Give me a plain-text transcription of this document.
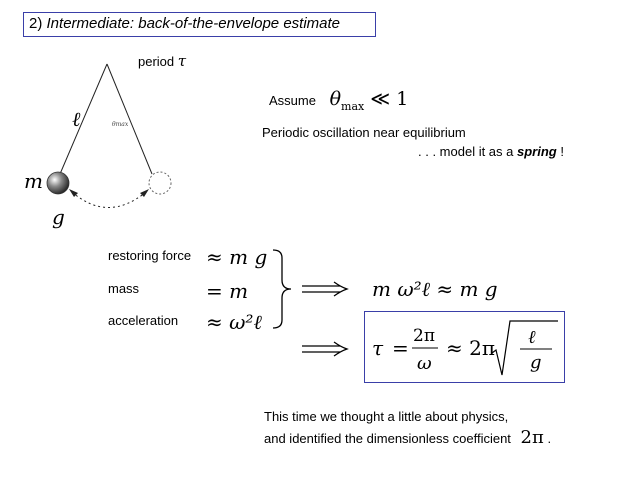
2) Intermediate: back-of-the-envelope estimate
ℓ	θmax
m
g
period τ
Assume $\theta_{max}$ ≪ 1
Periodic oscillation near equilibrium
. . . model it as a spring !
restoring force
mass
acceleration
≈ m g
= m
≈ ω²ℓ
m ω²ℓ ≈ m g
τ = 2π
ω
≈ 2π ℓ
g
This time we thought a little about physics,
and identified the dimensionless coefficient 2π .
